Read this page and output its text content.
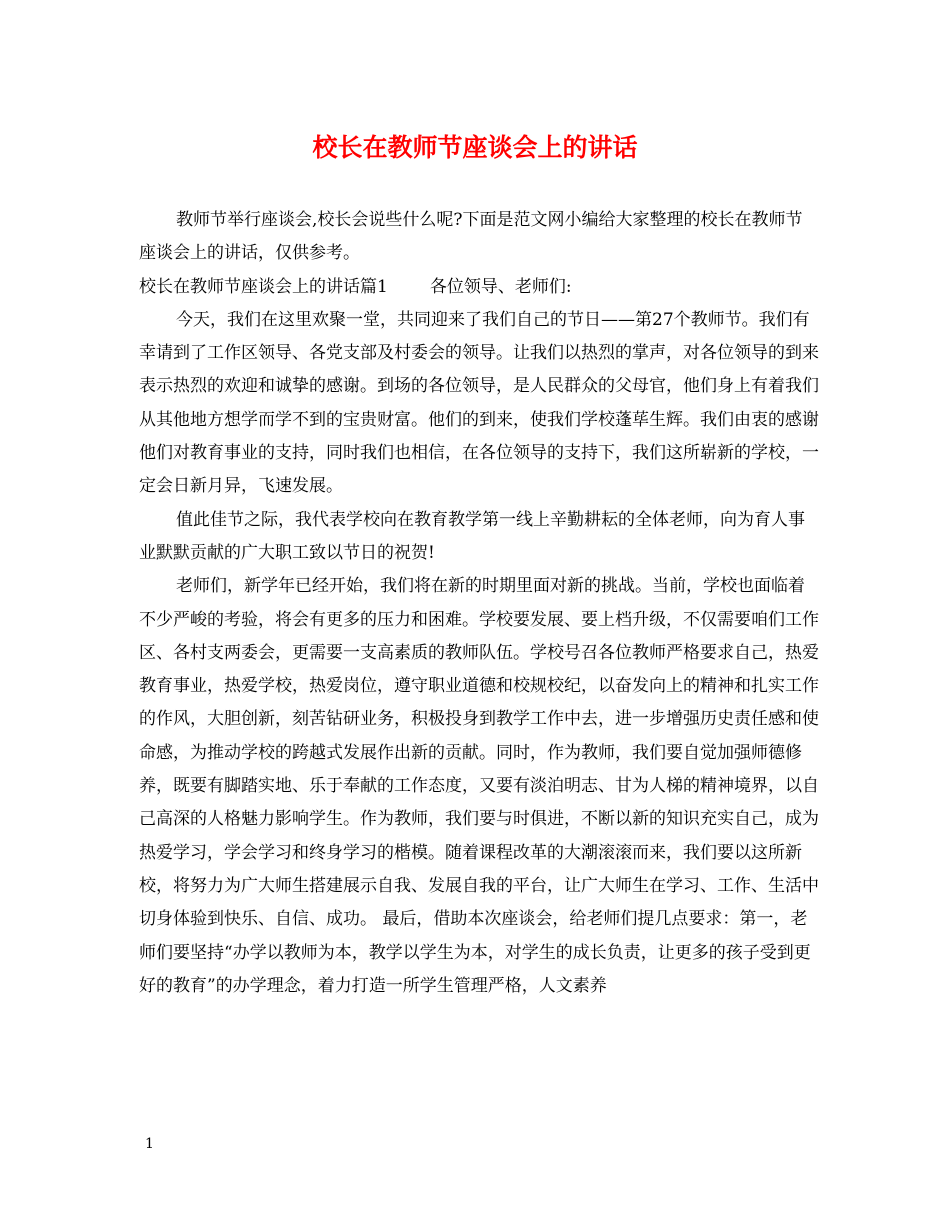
校长在教师节座谈会上的讲话

教师节举行座谈会,校长会说些什么呢?下面是范文网小编给大家整理的校长在教师节座谈会上的讲话，仅供参考。

校长在教师节座谈会上的讲话篇1 各位领导、老师们:

今天，我们在这里欢聚一堂，共同迎来了我们自己的节日——第27个教师节。我们有幸请到了工作区领导、各党支部及村委会的领导。让我们以热烈的掌声，对各位领导的到来表示热烈的欢迎和诚挚的感谢。到场的各位领导，是人民群众的父母官，他们身上有着我们从其他地方想学而学不到的宝贵财富。他们的到来，使我们学校蓬荜生辉。我们由衷的感谢他们对教育事业的支持，同时我们也相信，在各位领导的支持下，我们这所崭新的学校，一定会日新月异，飞速发展。

值此佳节之际，我代表学校向在教育教学第一线上辛勤耕耘的全体老师，向为育人事业默默贡献的广大职工致以节日的祝贺!

老师们，新学年已经开始，我们将在新的时期里面对新的挑战。当前，学校也面临着不少严峻的考验，将会有更多的压力和困难。学校要发展、要上档升级，不仅需要咱们工作区、各村支两委会，更需要一支高素质的教师队伍。学校号召各位教师严格要求自己，热爱教育事业，热爱学校，热爱岗位，遵守职业道德和校规校纪，以奋发向上的精神和扎实工作的作风，大胆创新，刻苦钻研业务，积极投身到教学工作中去，进一步增强历史责任感和使命感，为推动学校的跨越式发展作出新的贡献。同时，作为教师，我们要自觉加强师德修养，既要有脚踏实地、乐于奉献的工作态度，又要有淡泊明志、甘为人梯的精神境界，以自己高深的人格魅力影响学生。作为教师，我们要与时俱进，不断以新的知识充实自己，成为热爱学习，学会学习和终身学习的楷模。随着课程改革的大潮滚滚而来，我们要以这所新校，将努力为广大师生搭建展示自我、发展自我的平台，让广大师生在学习、工作、生活中切身体验到快乐、自信、成功。 最后，借助本次座谈会，给老师们提几点要求：第一，老师们要坚持“办学以教师为本，教学以学生为本，对学生的成长负责，让更多的孩子受到更好的教育”的办学理念，着力打造一所学生管理严格，人文素养

1
